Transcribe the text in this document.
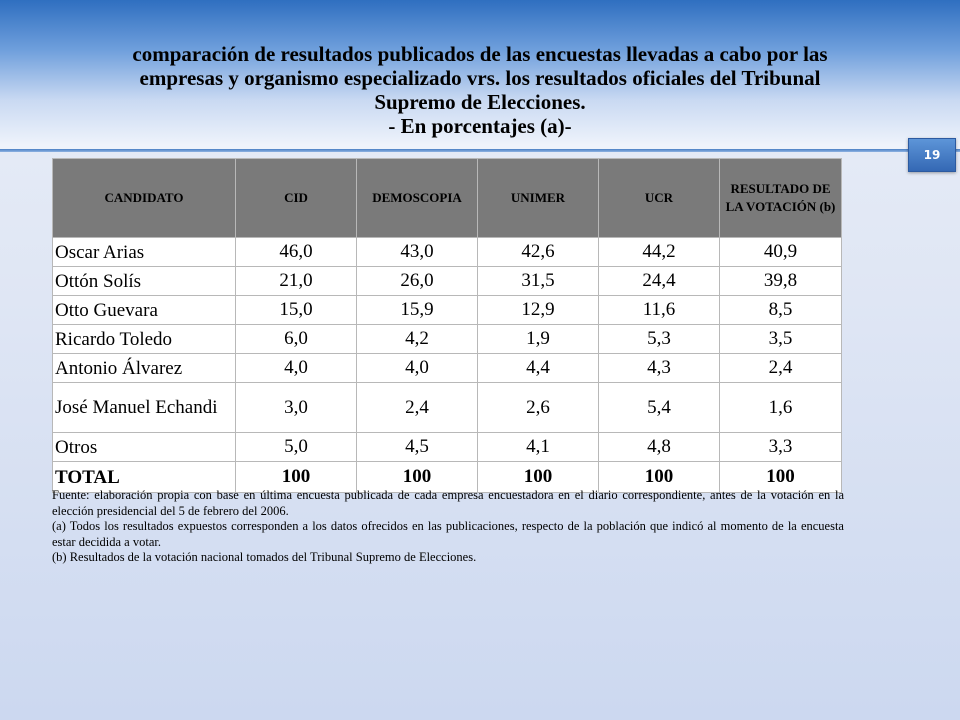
comparación de resultados publicados de las encuestas llevadas a cabo por las
empresas y organismo especializado vrs. los resultados oficiales del Tribunal
Supremo de Elecciones.
- En porcentajes (a)-
19
CANDIDATO	CID	DEMOSCOPIA	UNIMER	UCR	RESULTADO DE LA VOTACIÓN (b)
Oscar Arias	46,0	43,0	42,6	44,2	40,9
Ottón Solís	21,0	26,0	31,5	24,4	39,8
Otto Guevara	15,0	15,9	12,9	11,6	8,5
Ricardo Toledo	6,0	4,2	1,9	5,3	3,5
Antonio Álvarez	4,0	4,0	4,4	4,3	2,4
José Manuel Echandi	3,0	2,4	2,6	5,4	1,6
Otros	5,0	4,5	4,1	4,8	3,3
TOTAL	100	100	100	100	100
Fuente: elaboración propia con base en última encuesta publicada de cada empresa encuestadora en el diario correspondiente, antes de la votación en la elección presidencial del 5 de febrero del 2006.
(a) Todos los resultados expuestos corresponden a los datos ofrecidos en las publicaciones, respecto de la población que indicó al momento de la encuesta estar decidida a votar.
(b) Resultados de la votación nacional tomados del Tribunal Supremo de Elecciones.
